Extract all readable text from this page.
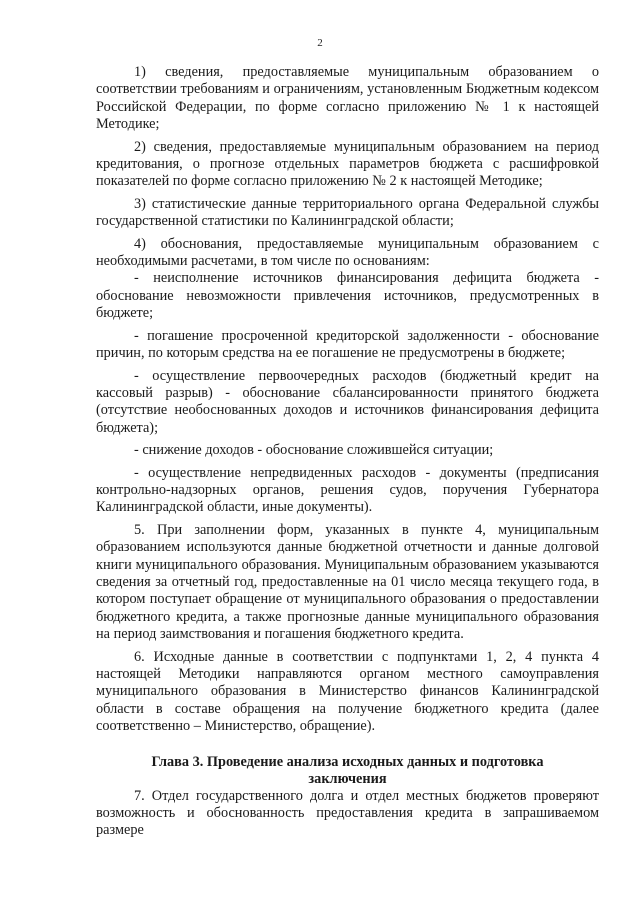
2

1) сведения, предоставляемые муниципальным образованием о соответствии требованиям и ограничениям, установленным Бюджетным кодексом Российской Федерации, по форме согласно приложению № 1 к настоящей Методике;

2) сведения, предоставляемые муниципальным образованием на период кредитования, о прогнозе отдельных параметров бюджета с расшифровкой показателей по форме согласно приложению № 2 к настоящей Методике;

3) статистические данные территориального органа Федеральной службы государственной статистики по Калининградской области;

4) обоснования, предоставляемые муниципальным образованием с необходимыми расчетами, в том числе по основаниям:

- неисполнение источников финансирования дефицита бюджета - обоснование невозможности привлечения источников, предусмотренных в бюджете;

- погашение просроченной кредиторской задолженности - обоснование причин, по которым средства на ее погашение не предусмотрены в бюджете;

- осуществление первоочередных расходов (бюджетный кредит на кассовый разрыв) - обоснование сбалансированности принятого бюджета (отсутствие необоснованных доходов и источников финансирования дефицита бюджета);

- снижение доходов - обоснование сложившейся ситуации;

- осуществление непредвиденных расходов - документы (предписания контрольно-надзорных органов, решения судов, поручения Губернатора Калининградской области, иные документы).

5. При заполнении форм, указанных в пункте 4, муниципальным образованием используются данные бюджетной отчетности и данные долговой книги муниципального образования. Муниципальным образованием указываются сведения за отчетный год, предоставленные на 01 число месяца текущего года, в котором поступает обращение от муниципального образования о предоставлении бюджетного кредита, а также прогнозные данные муниципального образования на период заимствования и погашения бюджетного кредита.

6. Исходные данные в соответствии с подпунктами 1, 2, 4 пункта 4 настоящей Методики направляются органом местного самоуправления муниципального образования в Министерство финансов Калининградской области в составе обращения на получение бюджетного кредита (далее соответственно – Министерство, обращение).

Глава 3. Проведение анализа исходных данных и подготовка
заключения

7. Отдел государственного долга и отдел местных бюджетов проверяют возможность и обоснованность предоставления кредита в запрашиваемом размере
